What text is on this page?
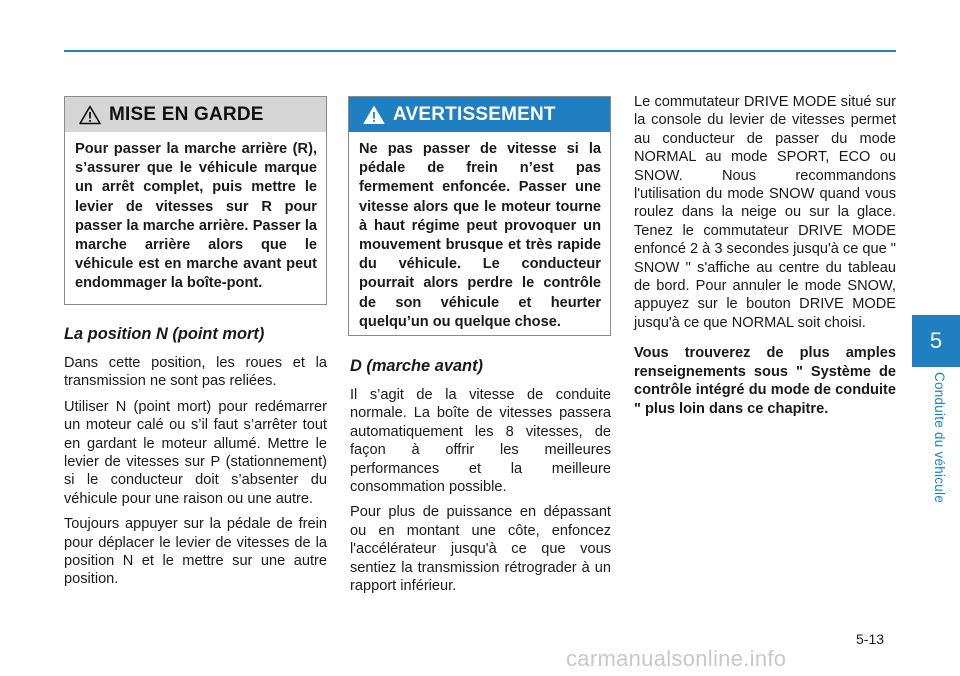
MISE EN GARDE
Pour passer la marche arrière (R), s’assurer que le véhicule marque un arrêt complet, puis mettre le levier de vitesses sur R pour passer la marche arrière. Passer la marche arrière alors que le véhicule est en marche avant peut endommager la boîte-pont.
AVERTISSEMENT
Ne pas passer de vitesse si la pédale de frein n’est pas fermement enfoncée. Passer une vitesse alors que le moteur tourne à haut régime peut provoquer un mouvement brusque et très rapide du véhicule. Le conducteur pourrait alors perdre le contrôle de son véhicule et heurter quelqu’un ou quelque chose.
La position N (point mort)

Dans cette position, les roues et la transmission ne sont pas reliées.

Utiliser N (point mort) pour redémarrer un moteur calé ou s’il faut s’arrêter tout en gardant le moteur allumé. Mettre le levier de vitesses sur P (stationnement) si le conducteur doit s’absenter du véhicule pour une raison ou une autre.

Toujours appuyer sur la pédale de frein pour déplacer le levier de vitesses de la position N et le mettre sur une autre position.

D (marche avant)

Il s’agit de la vitesse de conduite normale. La boîte de vitesses passera automatiquement les 8 vitesses, de façon à offrir les meilleures performances et la meilleure consommation possible.

Pour plus de puissance en dépassant ou en montant une côte, enfoncez l'accélérateur jusqu'à ce que vous sentiez la transmission rétrograder à un rapport inférieur.

Le commutateur DRIVE MODE situé sur la console du levier de vitesses permet au conducteur de passer du mode NORMAL au mode SPORT, ECO ou SNOW. Nous recommandons l'utilisation du mode SNOW quand vous roulez dans la neige ou sur la glace. Tenez le commutateur DRIVE MODE enfoncé 2 à 3 secondes jusqu'à ce que " SNOW " s'affiche au centre du tableau de bord. Pour annuler le mode SNOW, appuyez sur le bouton DRIVE MODE jusqu'à ce que NORMAL soit choisi.

Vous trouverez de plus amples renseignements sous " Système de contrôle intégré du mode de conduite " plus loin dans ce chapitre.

5
Conduite du véhicule
5-13
carmanualsonline.info
